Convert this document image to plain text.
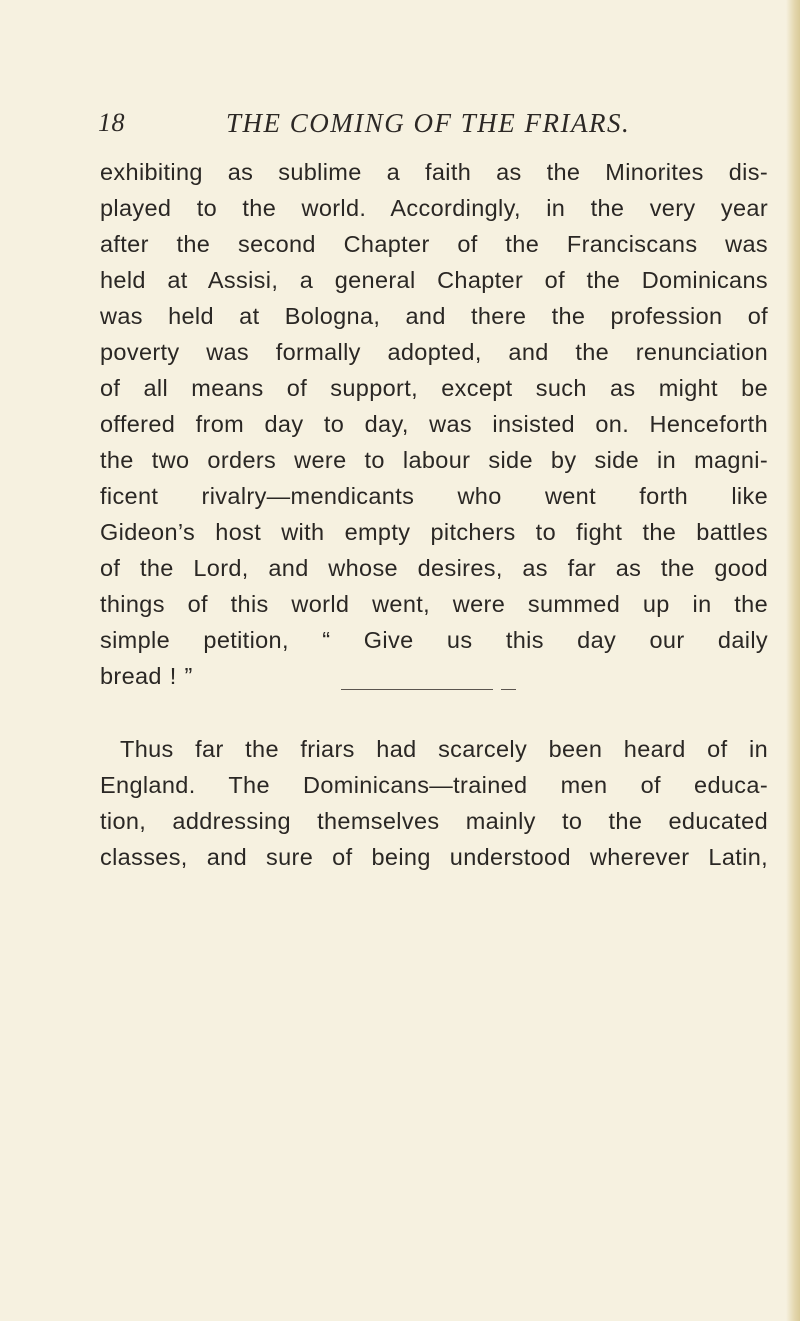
18	THE COMING OF THE FRIARS.
exhibiting as sublime a faith as the Minorites dis-
played to the world. Accordingly, in the very year
after the second Chapter of the Franciscans was
held at Assisi, a general Chapter of the Dominicans
was held at Bologna, and there the profession of
poverty was formally adopted, and the renunciation
of all means of support, except such as might be
offered from day to day, was insisted on. Henceforth
the two orders were to labour side by side in magni-
ficent rivalry—mendicants who went forth like
Gideon’s host with empty pitchers to fight the battles
of the Lord, and whose desires, as far as the good
things of this world went, were summed up in the
simple petition, “ Give us this day our daily
bread ! ”
Thus far the friars had scarcely been heard of in
England. The Dominicans—trained men of educa-
tion, addressing themselves mainly to the educated
classes, and sure of being understood wherever Latin,
